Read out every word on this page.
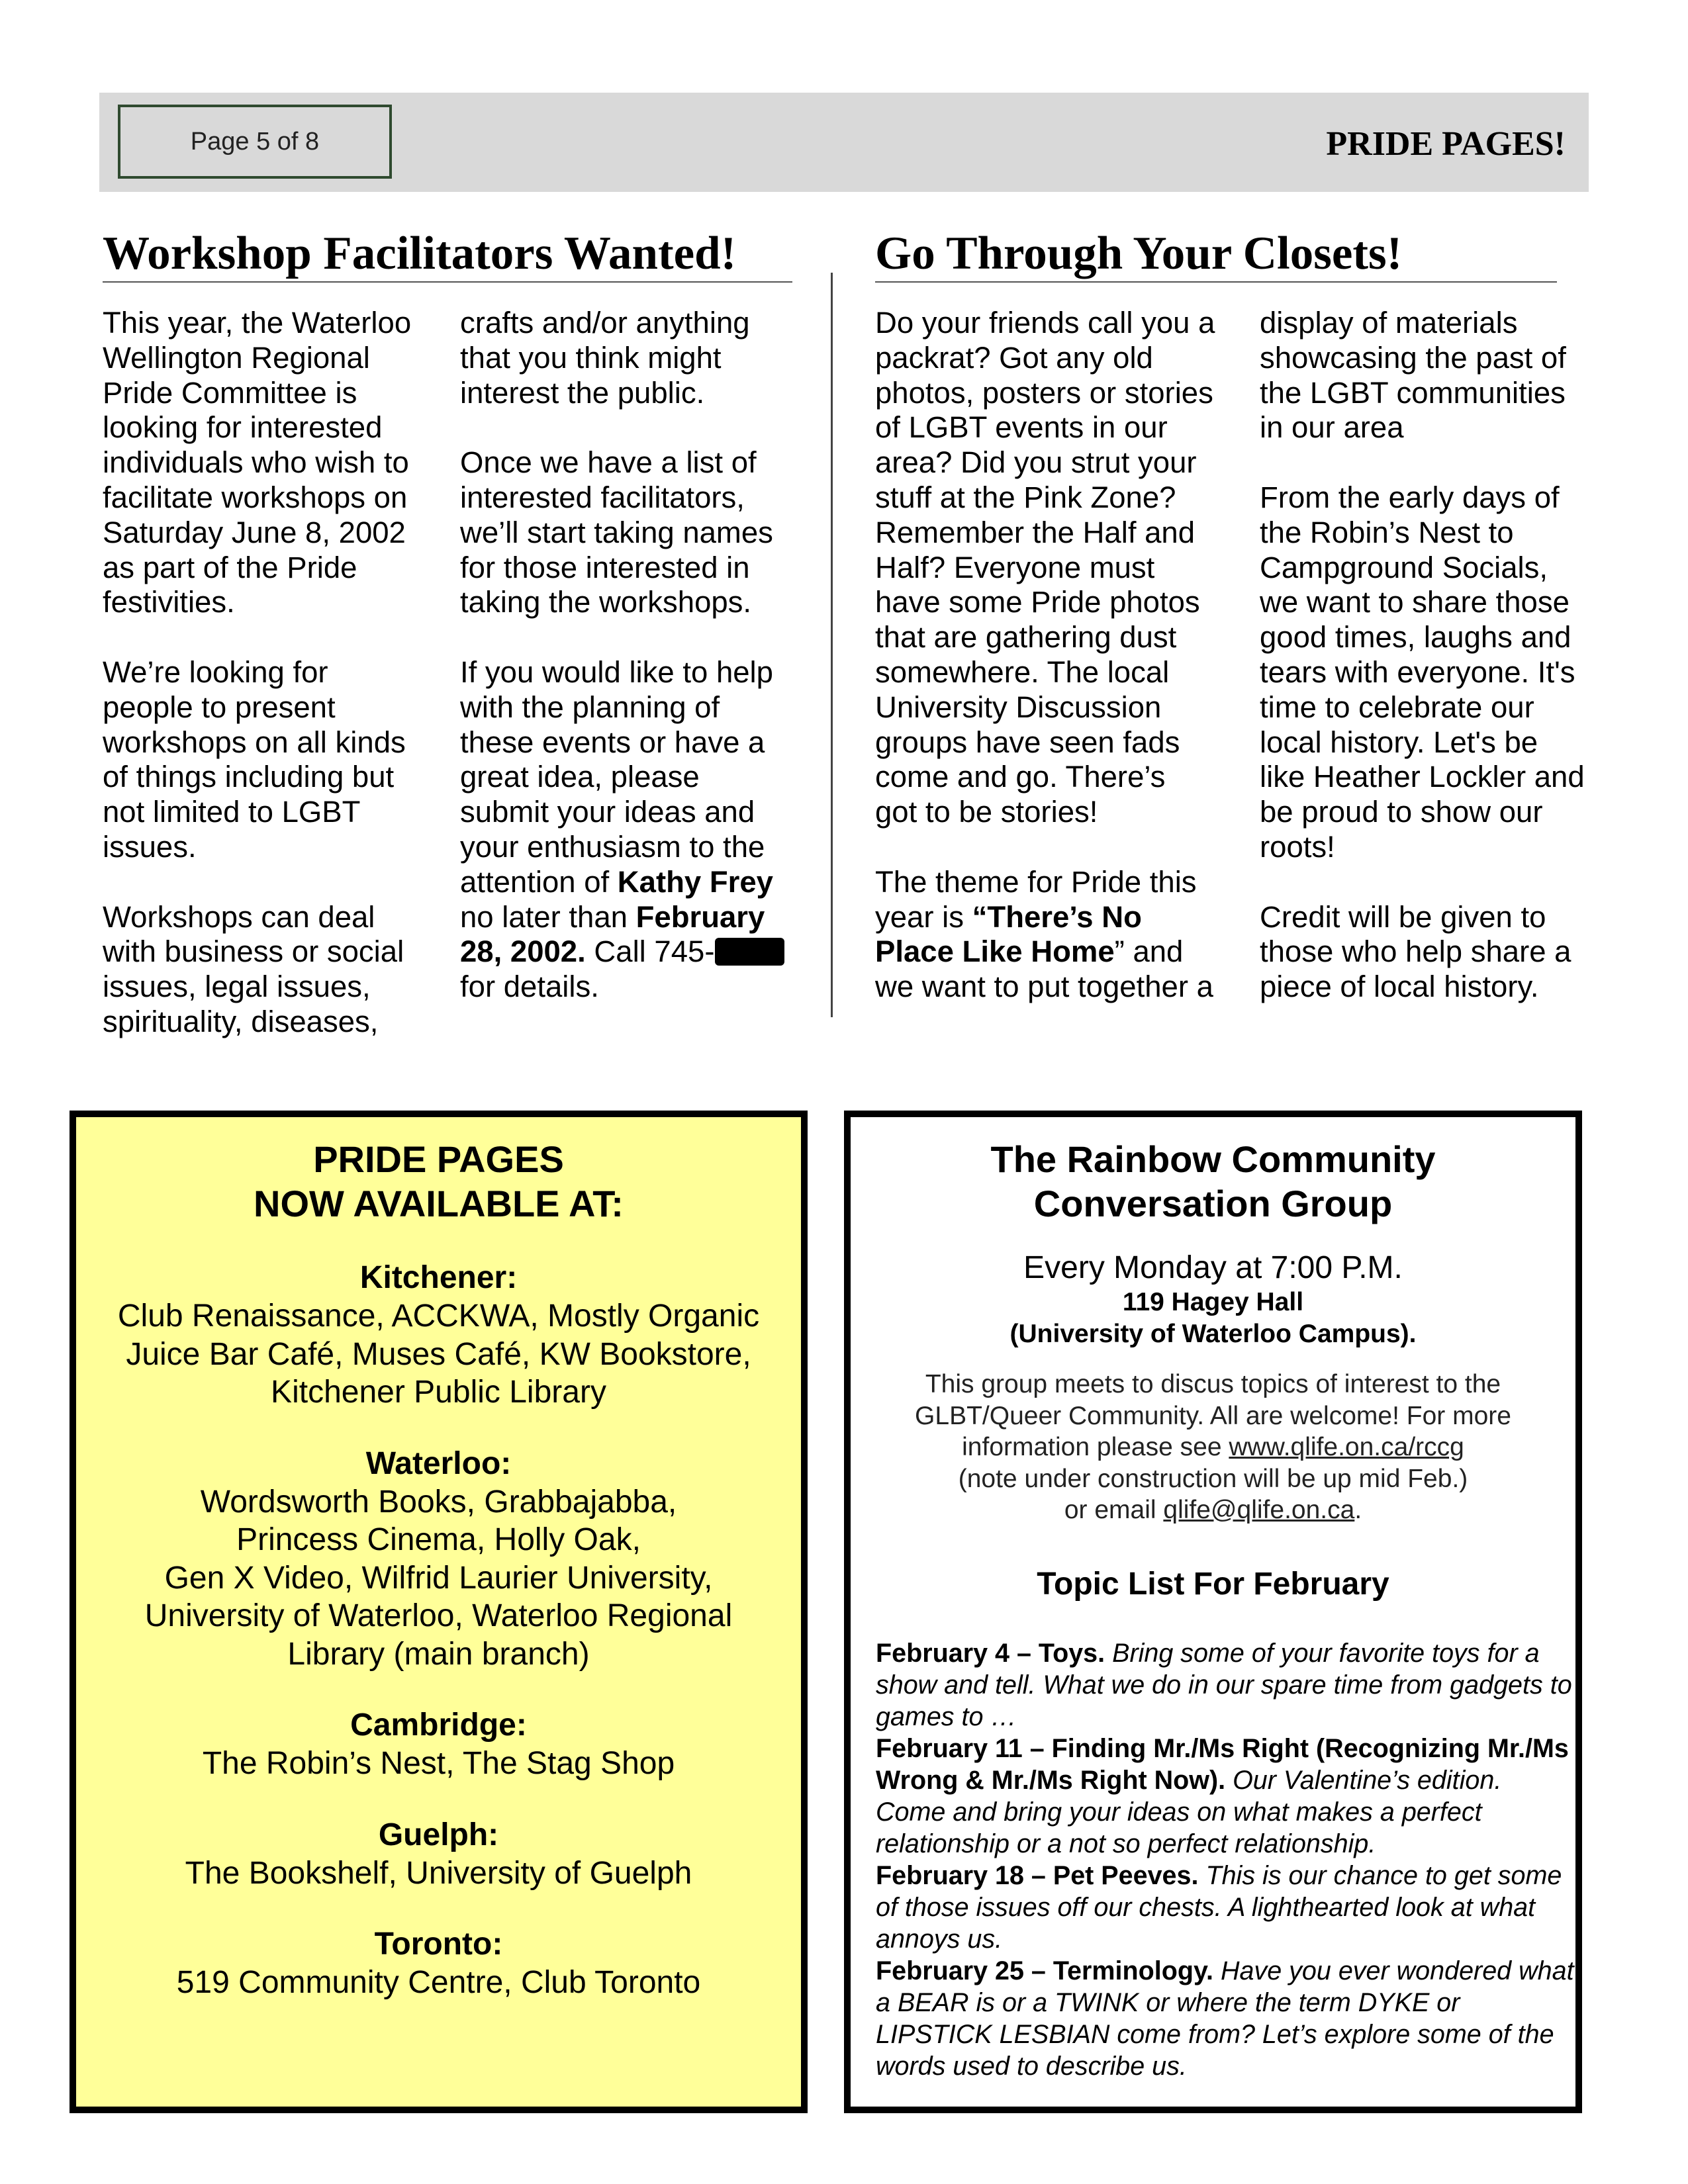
Page 5 of 8	PRIDE PAGES!
Workshop Facilitators Wanted!

This year, the Waterloo
Wellington Regional
Pride Committee is
looking for interested
individuals who wish to
facilitate workshops on
Saturday June 8, 2002
as part of the Pride
festivities.

We’re looking for
people to present
workshops on all kinds
of things including but
not limited to LGBT
issues.

Workshops can deal
with business or social
issues, legal issues,
spirituality, diseases,

crafts and/or anything
that you think might
interest the public.

Once we have a list of
interested facilitators,
we’ll start taking names
for those interested in
taking the workshops.

If you would like to help
with the planning of
these events or have a
great idea, please
submit your ideas and
your enthusiasm to the
attention of Kathy Frey
no later than February
28, 2002. Call 745-
for details.

Go Through Your Closets!

Do your friends call you a
packrat? Got any old
photos, posters or stories
of LGBT events in our
area? Did you strut your
stuff at the Pink Zone?
Remember the Half and
Half? Everyone must
have some Pride photos
that are gathering dust
somewhere. The local
University Discussion
groups have seen fads
come and go. There’s
got to be stories!

The theme for Pride this
year is “There’s No
Place Like Home” and
we want to put together a

display of materials
showcasing the past of
the LGBT communities
in our area

From the early days of
the Robin’s Nest to
Campground Socials,
we want to share those
good times, laughs and
tears with everyone. It's
time to celebrate our
local history. Let's be
like Heather Lockler and
be proud to show our
roots!

Credit will be given to
those who help share a
piece of local history.

PRIDE PAGES
NOW AVAILABLE AT:
Kitchener:
Club Renaissance, ACCKWA, Mostly Organic
Juice Bar Café, Muses Café, KW Bookstore,
Kitchener Public Library
Waterloo:
Wordsworth Books, Grabbajabba,
Princess Cinema, Holly Oak,
Gen X Video, Wilfrid Laurier University,
University of Waterloo, Waterloo Regional
Library (main branch)
Cambridge:
The Robin’s Nest, The Stag Shop
Guelph:
The Bookshelf, University of Guelph
Toronto:
519 Community Centre, Club Toronto
The Rainbow Community
Conversation Group
Every Monday at 7:00 P.M.
119 Hagey Hall
(University of Waterloo Campus).
This group meets to discus topics of interest to the
GLBT/Queer Community. All are welcome! For more
information please see www.qlife.on.ca/rccg
(note under construction will be up mid Feb.)
or email qlife@qlife.on.ca.
Topic List For February
February 4 – Toys. Bring some of your favorite toys for a show and tell. What we do in our spare time from gadgets to games to …
February 11 – Finding Mr./Ms Right (Recognizing Mr./Ms Wrong & Mr./Ms Right Now). Our Valentine’s edition. Come and bring your ideas on what makes a perfect relationship or a not so perfect relationship.
February 18 – Pet Peeves. This is our chance to get some of those issues off our chests. A lighthearted look at what annoys us.
February 25 – Terminology. Have you ever wondered what a BEAR is or a TWINK or where the term DYKE or LIPSTICK LESBIAN come from? Let’s explore some of the words used to describe us.
